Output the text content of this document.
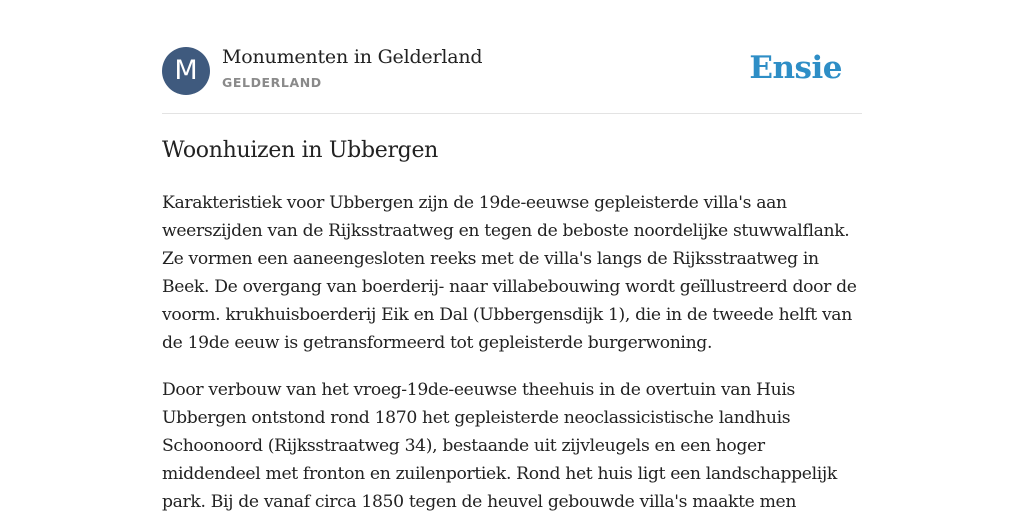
M	Monumenten in Gelderland
GELDERLAND	Ensie
Woonhuizen in Ubbergen

Karakteristiek voor Ubbergen zijn de 19de-eeuwse gepleisterde villa's aan weerszijden van de Rijksstraatweg en tegen de beboste noordelijke stuwwalflank. Ze vormen een aaneengesloten reeks met de villa's langs de Rijksstraatweg in Beek. De overgang van boerderij- naar villabebouwing wordt geïllustreerd door de voorm. krukhuisboerderij Eik en Dal (Ubbergensdijk 1), die in de tweede helft van de 19de eeuw is getransformeerd tot gepleisterde burgerwoning.

Door verbouw van het vroeg-19de-eeuwse theehuis in de overtuin van Huis Ubbergen ontstond rond 1870 het gepleisterde neoclassicistische landhuis Schoonoord (Rijksstraatweg 34), bestaande uit zijvleugels en een hoger middendeel met fronton en zuilenportiek. Rond het huis ligt een landschappelijk park. Bij de vanaf circa 1850 tegen de heuvel gebouwde villa's maakte men
